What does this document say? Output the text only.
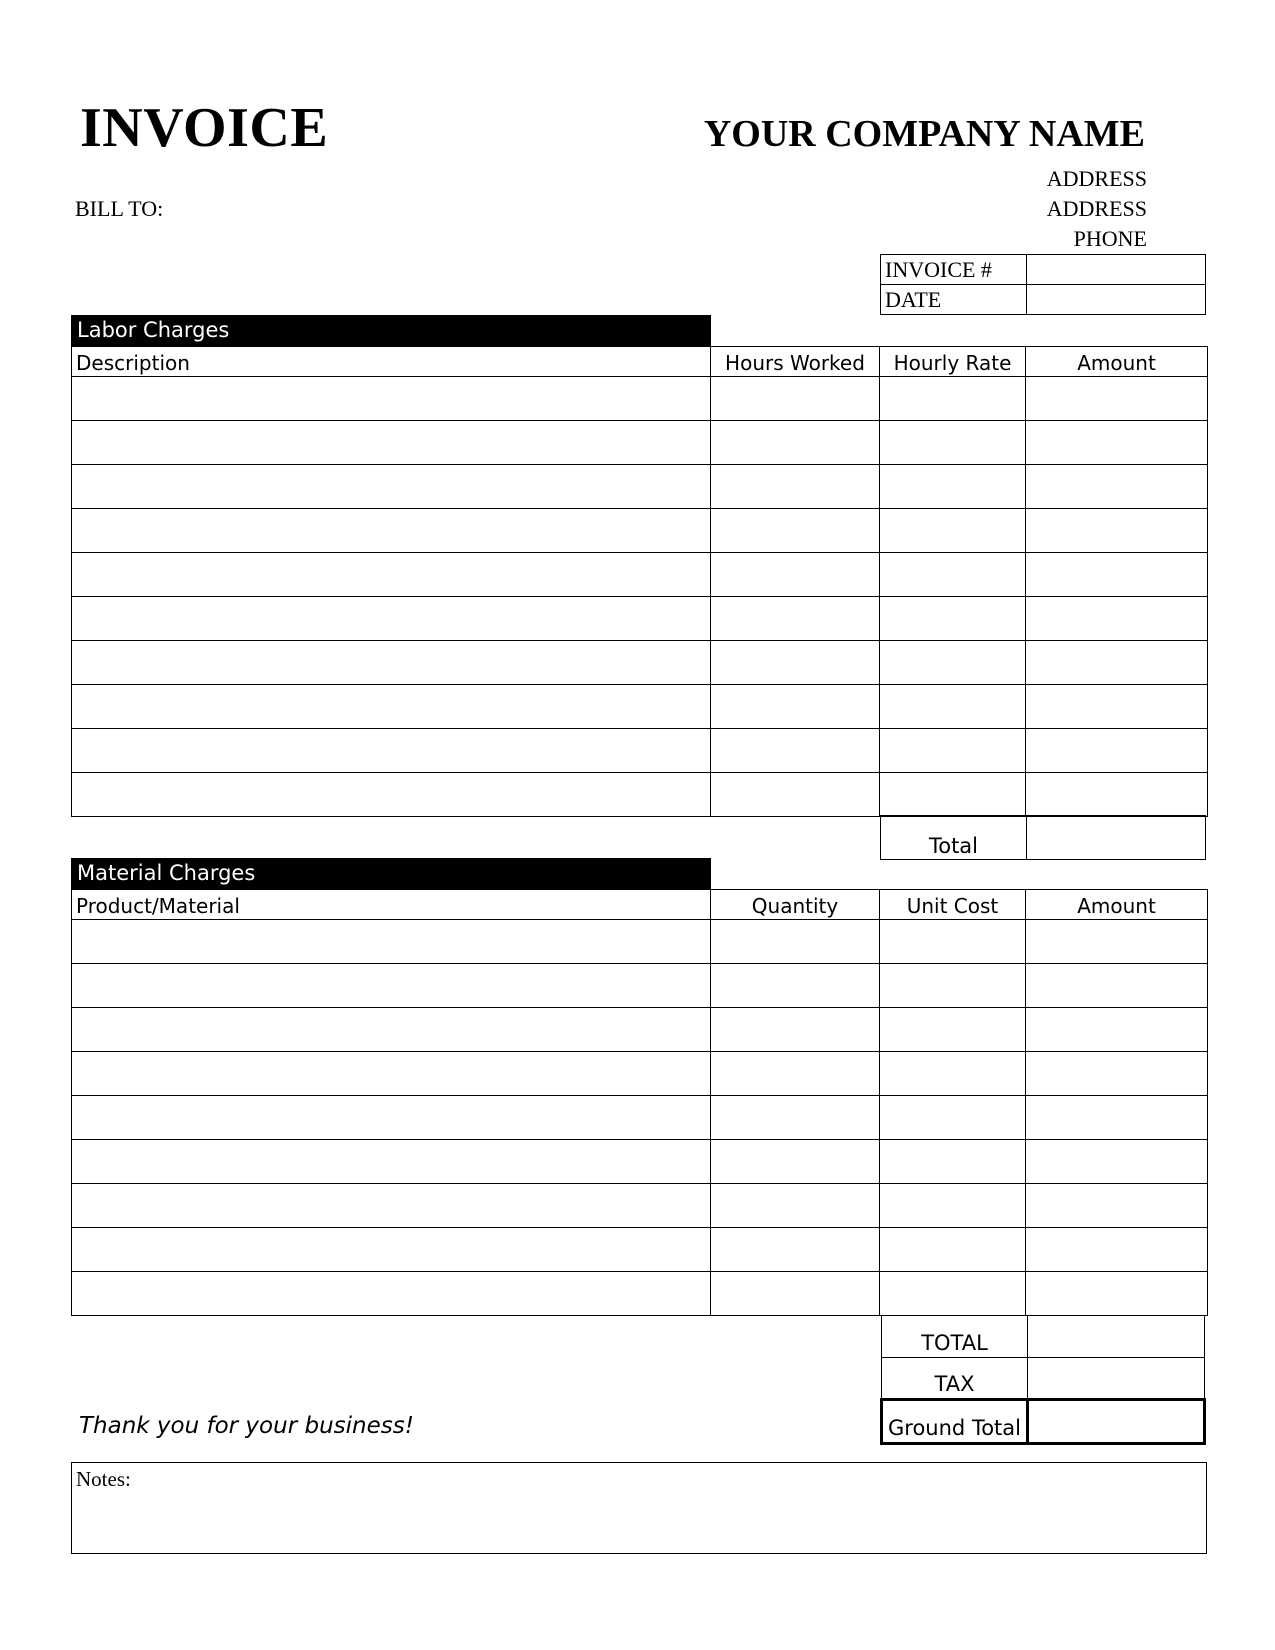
INVOICE	YOUR COMPANY NAME
ADDRESS
ADDRESS
PHONE
BILL TO:
INVOICE #	
DATE	
Labor Charges
Description	Hours Worked	Hourly Rate	Amount

Total	
Material Charges
Product/Material	Quantity	Unit Cost	Amount

TOTAL	
TAX	
Ground Total	
Thank you for your business!
Notes:
